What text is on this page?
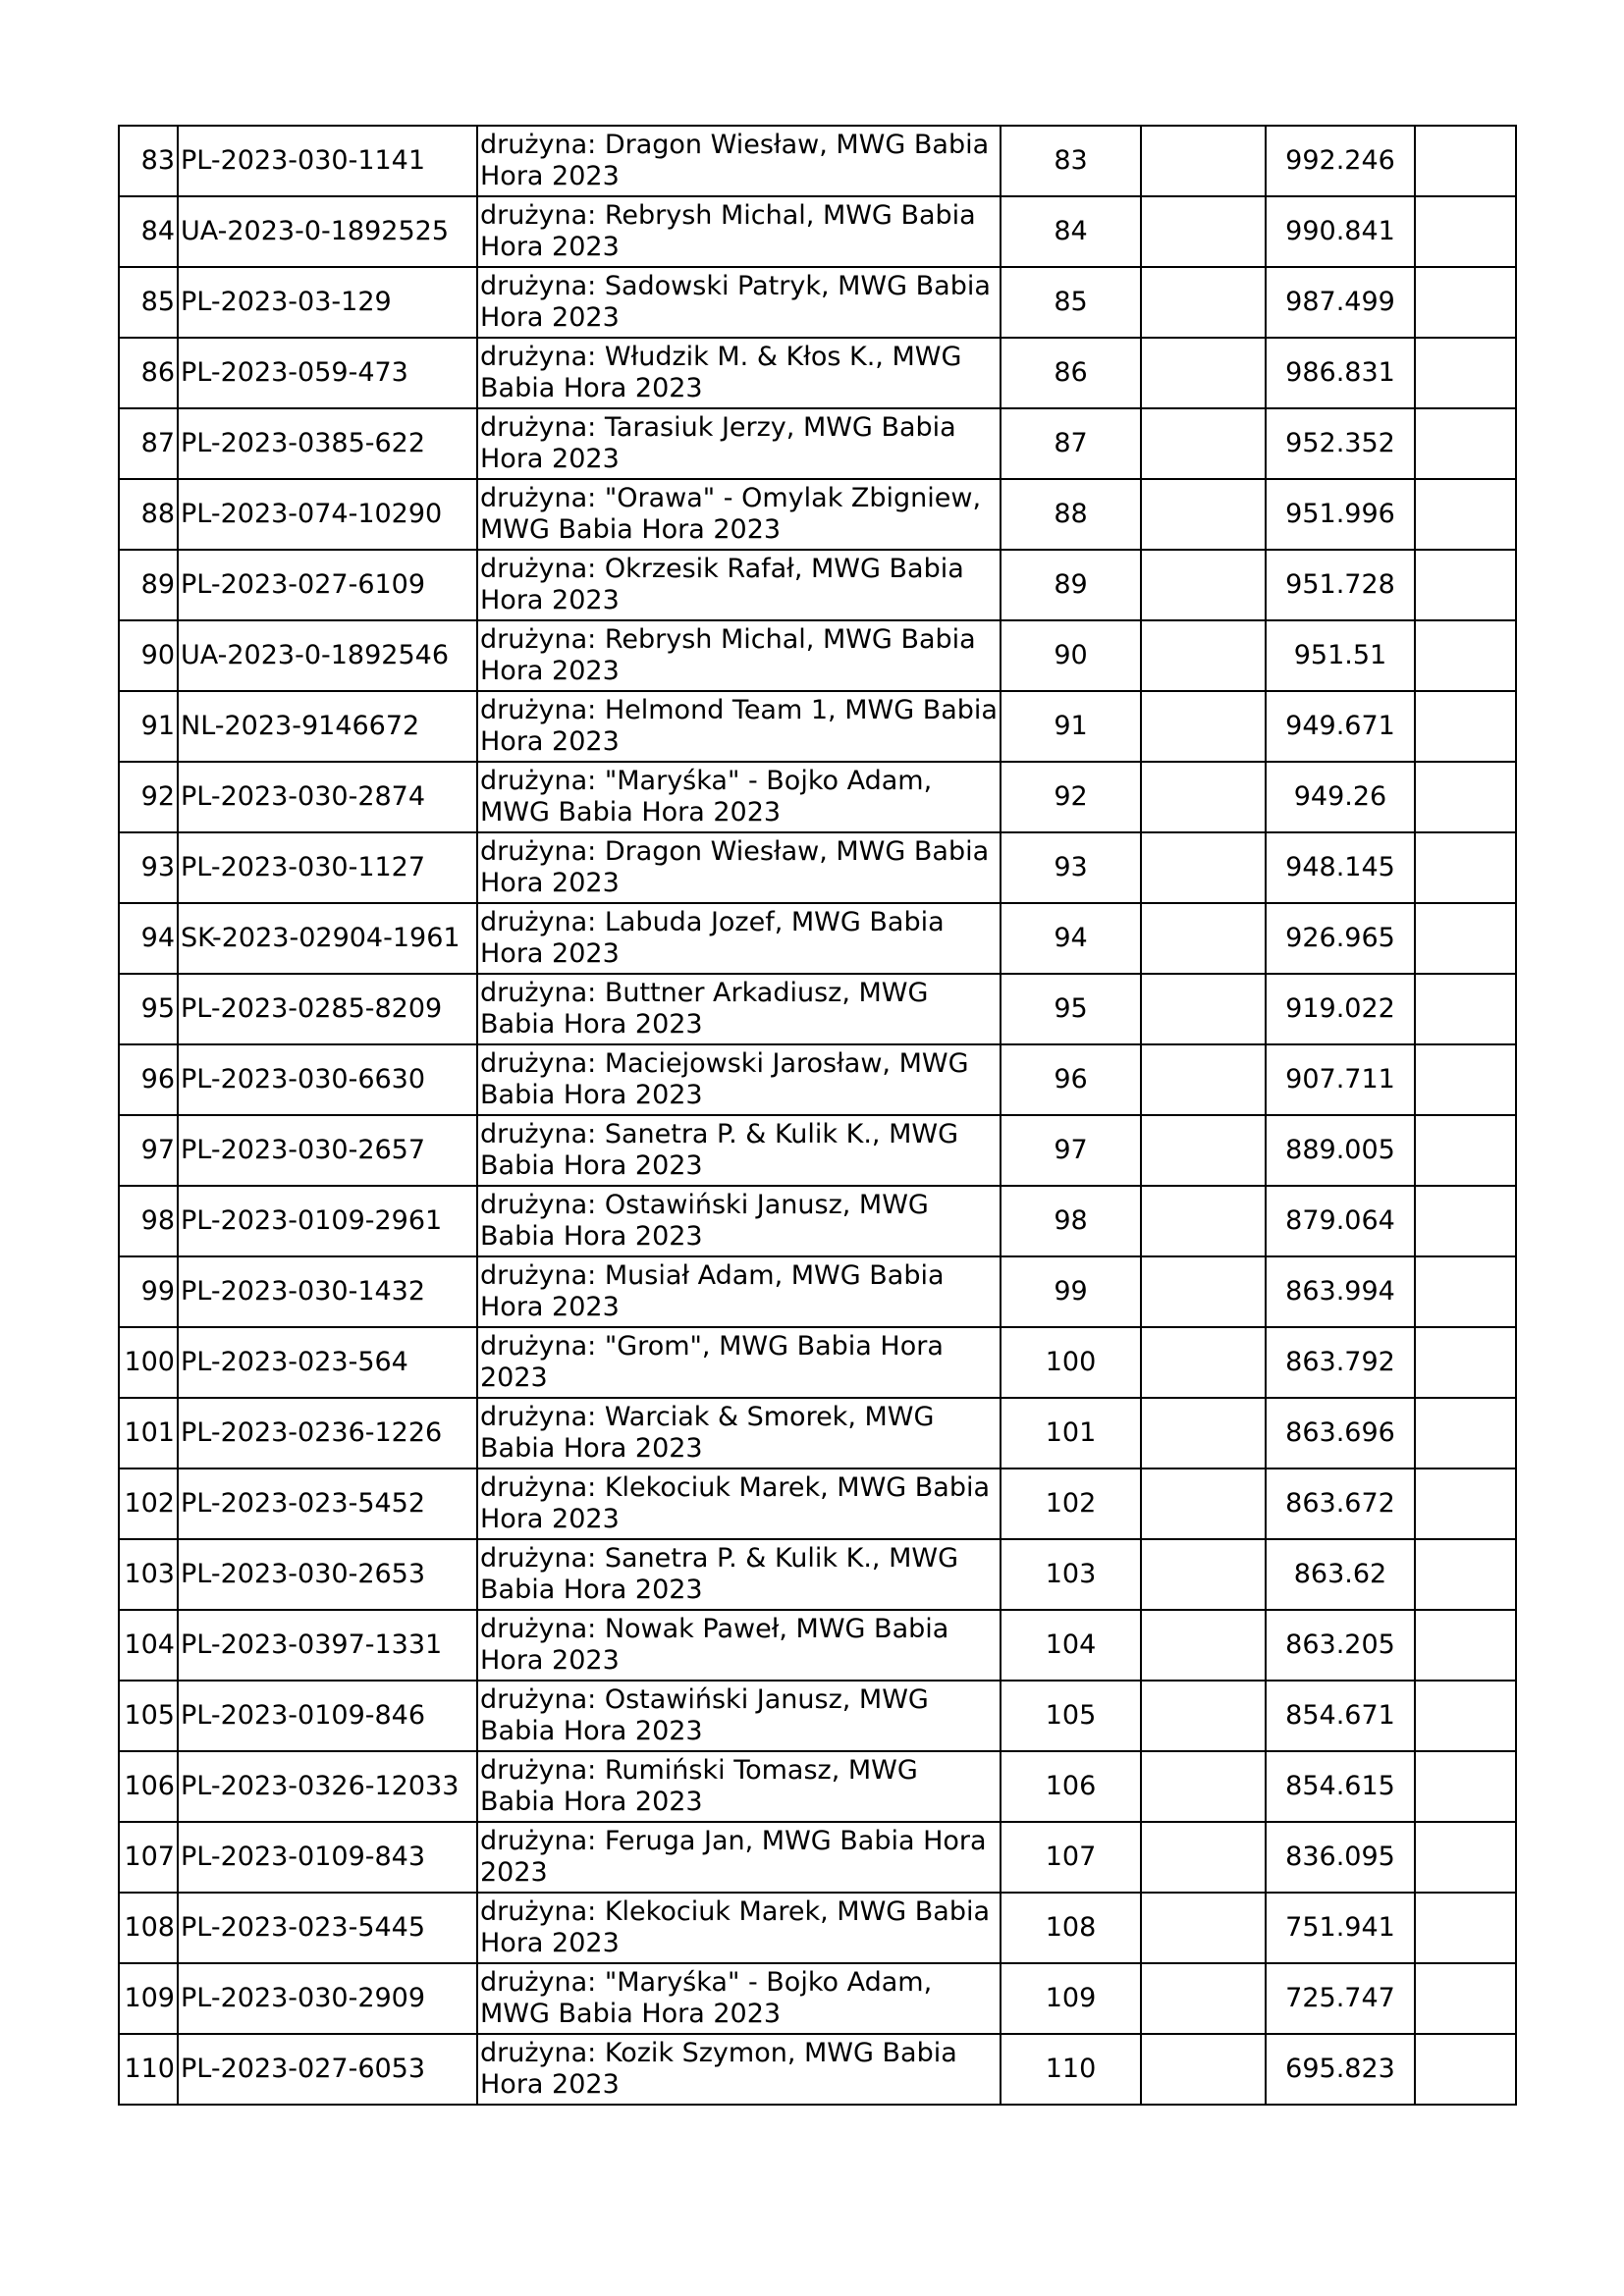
83	PL-2023-030-1141	drużyna: Dragon Wiesław, MWG Babia Hora 2023	83		992.246	
84	UA-2023-0-1892525	drużyna: Rebrysh Michal, MWG Babia Hora 2023	84		990.841	
85	PL-2023-03-129	drużyna: Sadowski Patryk, MWG Babia Hora 2023	85		987.499	
86	PL-2023-059-473	drużyna: Włudzik M. & Kłos K., MWG Babia Hora 2023	86		986.831	
87	PL-2023-0385-622	drużyna: Tarasiuk Jerzy, MWG Babia Hora 2023	87		952.352	
88	PL-2023-074-10290	drużyna: "Orawa" - Omylak Zbigniew, MWG Babia Hora 2023	88		951.996	
89	PL-2023-027-6109	drużyna: Okrzesik Rafał, MWG Babia Hora 2023	89		951.728	
90	UA-2023-0-1892546	drużyna: Rebrysh Michal, MWG Babia Hora 2023	90		951.51	
91	NL-2023-9146672	drużyna: Helmond Team 1, MWG Babia Hora 2023	91		949.671	
92	PL-2023-030-2874	drużyna: "Maryśka" - Bojko Adam, MWG Babia Hora 2023	92		949.26	
93	PL-2023-030-1127	drużyna: Dragon Wiesław, MWG Babia Hora 2023	93		948.145	
94	SK-2023-02904-1961	drużyna: Labuda Jozef, MWG Babia Hora 2023	94		926.965	
95	PL-2023-0285-8209	drużyna: Buttner Arkadiusz, MWG Babia Hora 2023	95		919.022	
96	PL-2023-030-6630	drużyna: Maciejowski Jarosław, MWG Babia Hora 2023	96		907.711	
97	PL-2023-030-2657	drużyna: Sanetra P. & Kulik K., MWG Babia Hora 2023	97		889.005	
98	PL-2023-0109-2961	drużyna: Ostawiński Janusz, MWG Babia Hora 2023	98		879.064	
99	PL-2023-030-1432	drużyna: Musiał Adam, MWG Babia Hora 2023	99		863.994	
100	PL-2023-023-564	drużyna: "Grom", MWG Babia Hora 2023	100		863.792	
101	PL-2023-0236-1226	drużyna: Warciak & Smorek, MWG Babia Hora 2023	101		863.696	
102	PL-2023-023-5452	drużyna: Klekociuk Marek, MWG Babia Hora 2023	102		863.672	
103	PL-2023-030-2653	drużyna: Sanetra P. & Kulik K., MWG Babia Hora 2023	103		863.62	
104	PL-2023-0397-1331	drużyna: Nowak Paweł, MWG Babia Hora 2023	104		863.205	
105	PL-2023-0109-846	drużyna: Ostawiński Janusz, MWG Babia Hora 2023	105		854.671	
106	PL-2023-0326-12033	drużyna: Rumiński Tomasz, MWG Babia Hora 2023	106		854.615	
107	PL-2023-0109-843	drużyna: Feruga Jan, MWG Babia Hora 2023	107		836.095	
108	PL-2023-023-5445	drużyna: Klekociuk Marek, MWG Babia Hora 2023	108		751.941	
109	PL-2023-030-2909	drużyna: "Maryśka" - Bojko Adam, MWG Babia Hora 2023	109		725.747	
110	PL-2023-027-6053	drużyna: Kozik Szymon, MWG Babia Hora 2023	110		695.823	
